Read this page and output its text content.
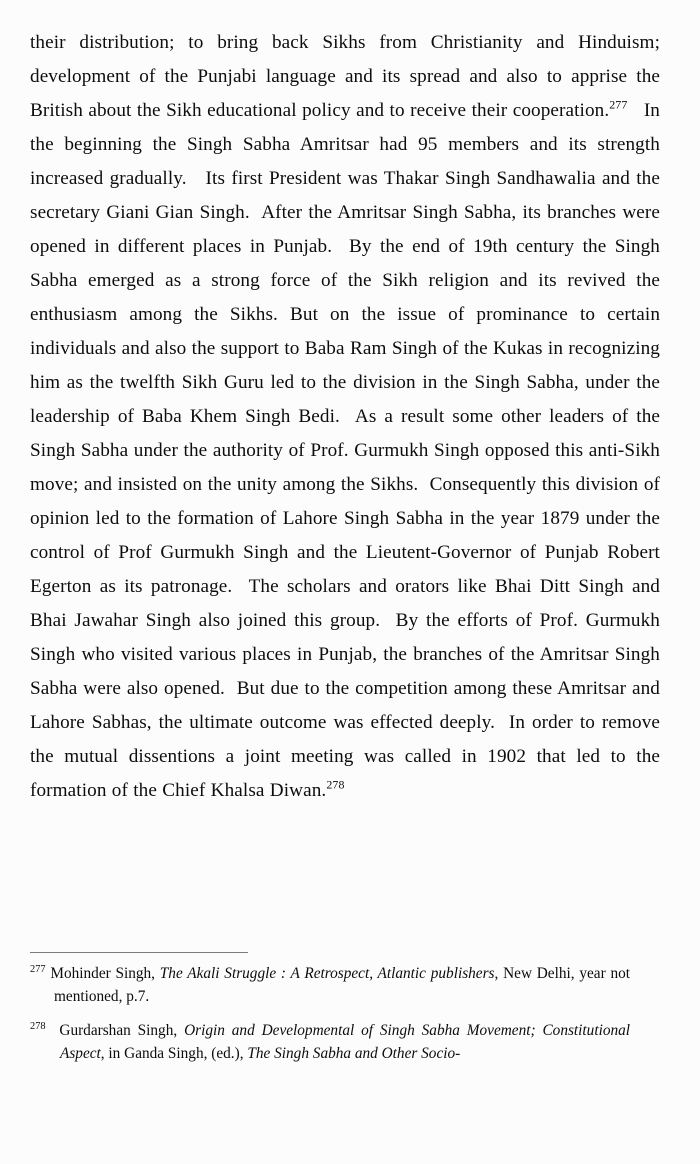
their distribution; to bring back Sikhs from Christianity and Hinduism; development of the Punjabi language and its spread and also to apprise the British about the Sikh educational policy and to receive their cooperation.$^{277}$ In the beginning the Singh Sabha Amritsar had 95 members and its strength increased gradually. Its first President was Thakar Singh Sandhawalia and the secretary Giani Gian Singh. After the Amritsar Singh Sabha, its branches were opened in different places in Punjab. By the end of 19th century the Singh Sabha emerged as a strong force of the Sikh religion and its revived the enthusiasm among the Sikhs. But on the issue of prominance to certain individuals and also the support to Baba Ram Singh of the Kukas in recognizing him as the twelfth Sikh Guru led to the division in the Singh Sabha, under the leadership of Baba Khem Singh Bedi. As a result some other leaders of the Singh Sabha under the authority of Prof. Gurmukh Singh opposed this anti-Sikh move; and insisted on the unity among the Sikhs. Consequently this division of opinion led to the formation of Lahore Singh Sabha in the year 1879 under the control of Prof Gurmukh Singh and the Lieutent-Governor of Punjab Robert Egerton as its patronage. The scholars and orators like Bhai Ditt Singh and Bhai Jawahar Singh also joined this group. By the efforts of Prof. Gurmukh Singh who visited various places in Punjab, the branches of the Amritsar Singh Sabha were also opened. But due to the competition among these Amritsar and Lahore Sabhas, the ultimate outcome was effected deeply. In order to remove the mutual dissentions a joint meeting was called in 1902 that led to the formation of the Chief Khalsa Diwan.$^{278}$

$^{277}$ Mohinder Singh, The Akali Struggle : A Retrospect, Atlantic publishers, New Delhi, year not mentioned, p.7.

$^{278}$ Gurdarshan Singh, Origin and Developmental of Singh Sabha Movement; Constitutional Aspect, in Ganda Singh, (ed.), The Singh Sabha and Other Socio-
